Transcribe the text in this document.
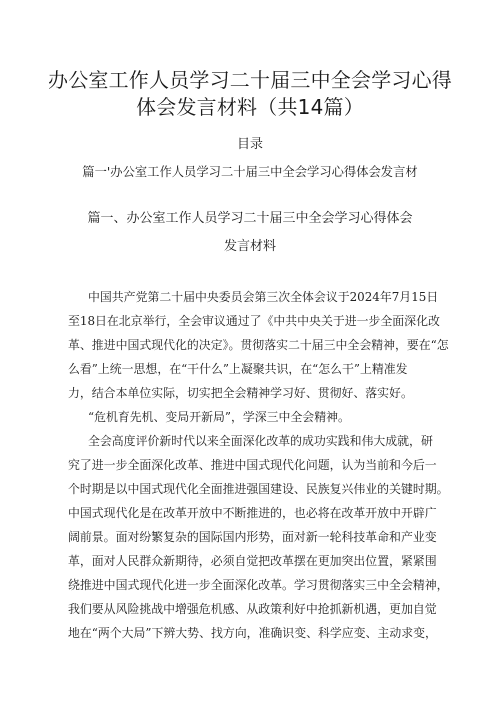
办公室工作人员学习二十届三中全会学习心得
体会发言材料（共14篇）
目录
篇一'办公室工作人员学习二十届三中全会学习心得体会发言材
篇一、办公室工作人员学习二十届三中全会学习心得体会
发言材料
中国共产党第二十届中央委员会第三次全体会议于2024年7月15日
至18日在北京举行，全会审议通过了《中共中央关于进一步全面深化改
革、推进中国式现代化的决定》。贯彻落实二十届三中全会精神，要在“怎
么看”上统一思想，在“干什么”上凝聚共识，在“怎么干”上精准发
力，结合本单位实际，切实把全会精神学习好、贯彻好、落实好。
“危机育先机、变局开新局”，学深三中全会精神。
全会高度评价新时代以来全面深化改革的成功实践和伟大成就，研
究了进一步全面深化改革、推进中国式现代化问题，认为当前和今后一
个时期是以中国式现代化全面推进强国建设、民族复兴伟业的关键时期。
中国式现代化是在改革开放中不断推进的，也必将在改革开放中开辟广
阔前景。面对纷繁复杂的国际国内形势，面对新一轮科技革命和产业变
革，面对人民群众新期待，必须自觉把改革摆在更加突出位置，紧紧围
绕推进中国式现代化进一步全面深化改革。学习贯彻落实三中全会精神，
我们要从风险挑战中增强危机感、从政策利好中抢抓新机遇，更加自觉
地在“两个大局”下辨大势、找方向，准确识变、科学应变、主动求变，
